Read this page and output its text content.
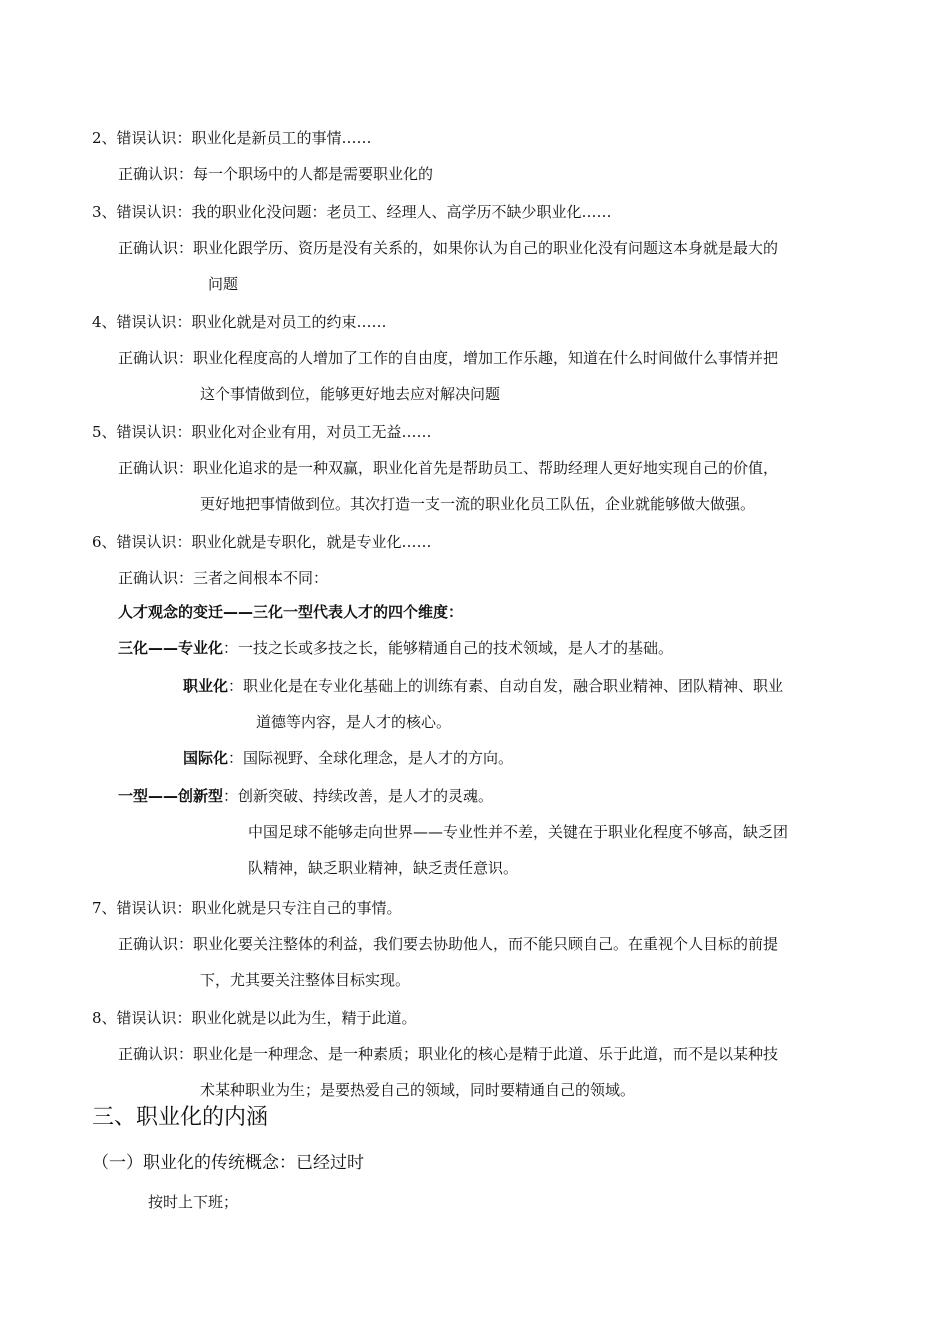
2、错误认识：职业化是新员工的事情……
正确认识：每一个职场中的人都是需要职业化的
3、错误认识：我的职业化没问题：老员工、经理人、高学历不缺少职业化……
正确认识：职业化跟学历、资历是没有关系的，如果你认为自己的职业化没有问题这本身就是最大的
问题
4、错误认识：职业化就是对员工的约束……
正确认识：职业化程度高的人增加了工作的自由度，增加工作乐趣，知道在什么时间做什么事情并把
这个事情做到位，能够更好地去应对解决问题
5、错误认识：职业化对企业有用，对员工无益……
正确认识：职业化追求的是一种双赢，职业化首先是帮助员工、帮助经理人更好地实现自己的价值，
更好地把事情做到位。其次打造一支一流的职业化员工队伍，企业就能够做大做强。
6、错误认识：职业化就是专职化，就是专业化……
正确认识：三者之间根本不同：
人才观念的变迁——三化一型代表人才的四个维度：
三化——专业化：一技之长或多技之长，能够精通自己的技术领域，是人才的基础。
职业化：职业化是在专业化基础上的训练有素、自动自发，融合职业精神、团队精神、职业
道德等内容，是人才的核心。
国际化：国际视野、全球化理念，是人才的方向。
一型——创新型：创新突破、持续改善，是人才的灵魂。
中国足球不能够走向世界——专业性并不差，关键在于职业化程度不够高，缺乏团
队精神，缺乏职业精神，缺乏责任意识。
7、错误认识：职业化就是只专注自己的事情。
正确认识：职业化要关注整体的利益，我们要去协助他人，而不能只顾自己。在重视个人目标的前提
下，尤其要关注整体目标实现。
8、错误认识：职业化就是以此为生，精于此道。
正确认识：职业化是一种理念、是一种素质；职业化的核心是精于此道、乐于此道，而不是以某种技
术某种职业为生；是要热爱自己的领域，同时要精通自己的领域。
三、职业化的内涵
（一）职业化的传统概念：已经过时
按时上下班；
